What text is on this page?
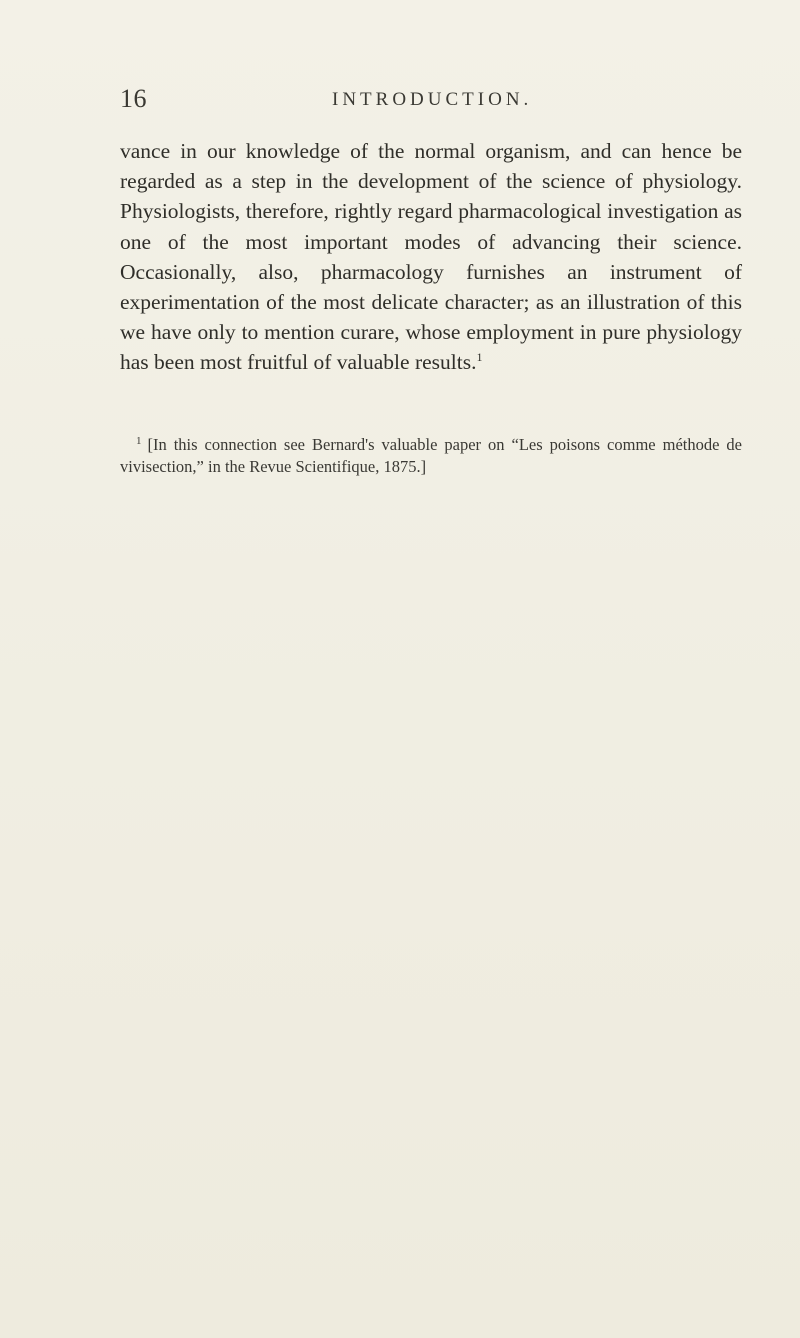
16	INTRODUCTION.

vance in our knowledge of the normal organism, and can hence be regarded as a step in the development of the science of physiology. Physiologists, therefore, rightly regard pharmacological investigation as one of the most important modes of advancing their science. Occasionally, also, pharmacology furnishes an instrument of experimentation of the most delicate character; as an illustration of this we have only to mention curare, whose employment in pure physiology has been most fruitful of valuable results.$^1$

$^1$ [In this connection see Bernard's valuable paper on “Les poisons comme méthode de vivisection,” in the Revue Scientifique, 1875.]
